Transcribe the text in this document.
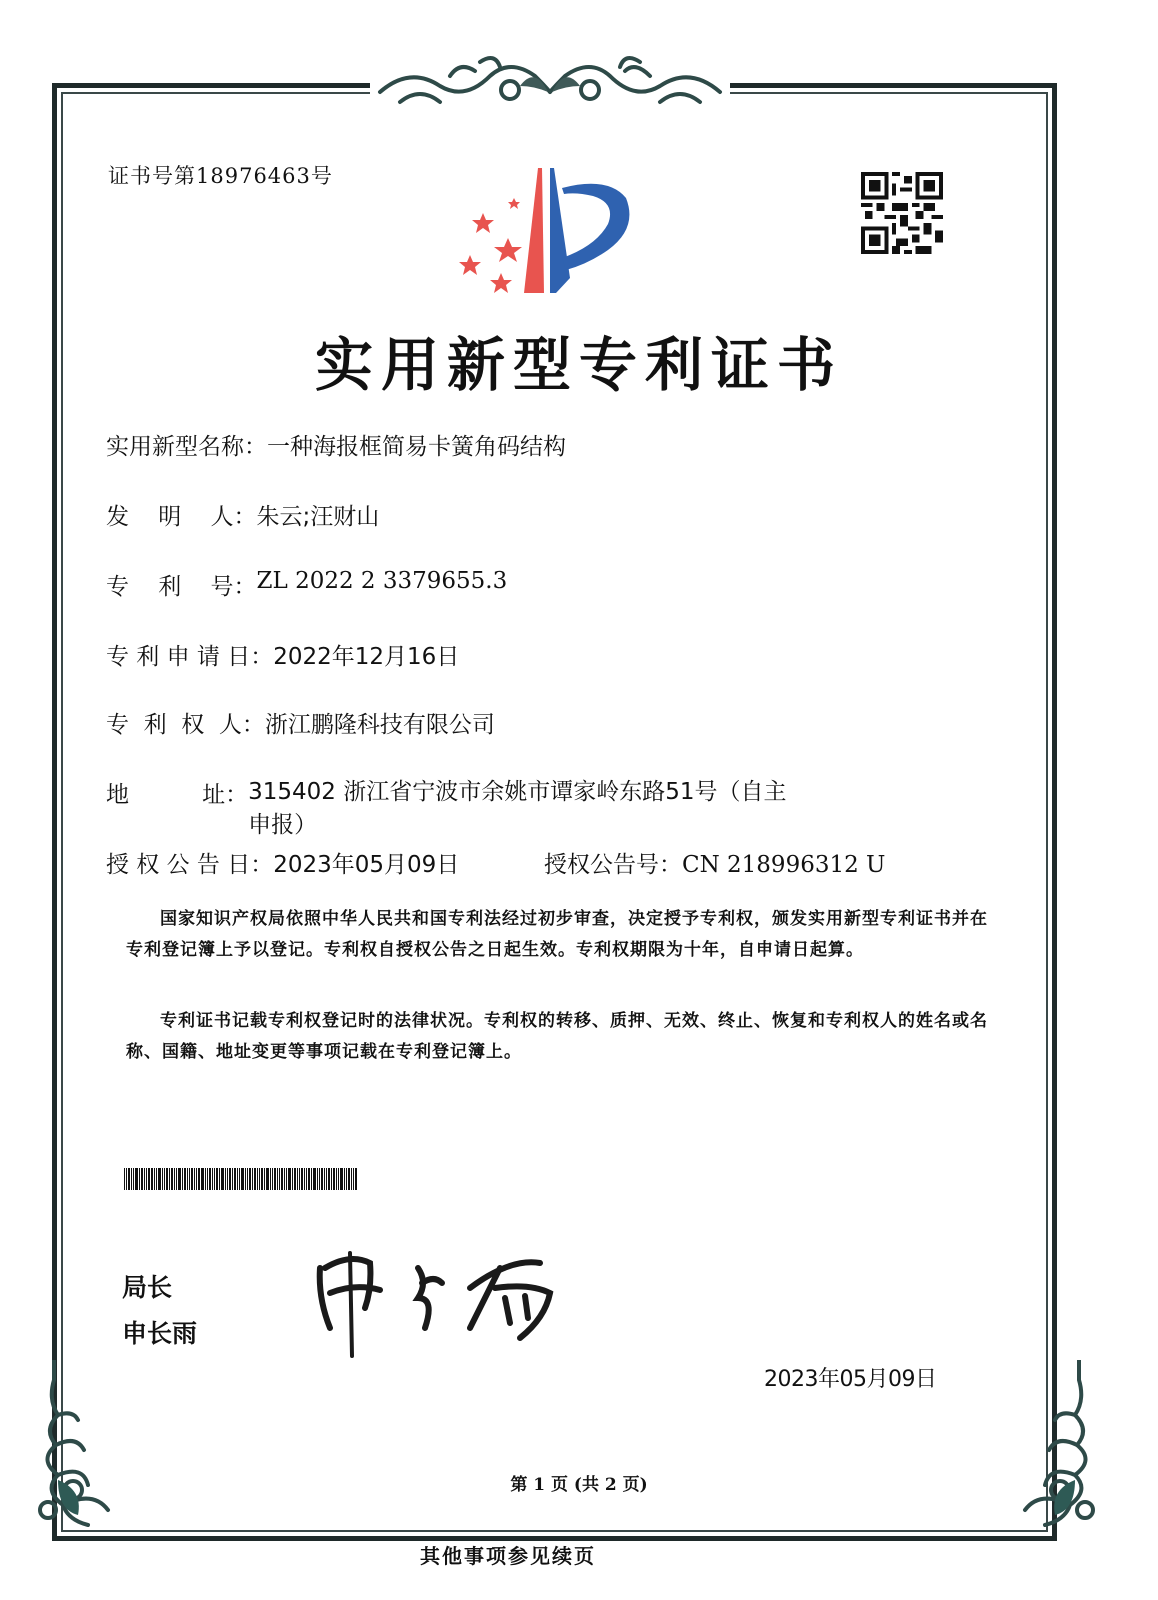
证书号第18976463号
实用新型专利证书
实用新型名称： 一种海报框简易卡簧角码结构
发    明    人： 朱云;汪财山
专    利    号： ZL 2022 2 3379655.3
专 利 申 请 日： 2022年12月16日
专  利  权  人： 浙江鹏隆科技有限公司
地          址： 315402 浙江省宁波市余姚市谭家岭东路51号（自主申报）
授 权 公 告 日： 2023年05月09日	授权公告号：CN 218996312 U
国家知识产权局依照中华人民共和国专利法经过初步审查，决定授予专利权，颁发实用新型专利证书并在专利登记簿上予以登记。专利权自授权公告之日起生效。专利权期限为十年，自申请日起算。
专利证书记载专利权登记时的法律状况。专利权的转移、质押、无效、终止、恢复和专利权人的姓名或名称、国籍、地址变更等事项记载在专利登记簿上。
局长
申长雨
2023年05月09日
第 1 页 (共 2 页)
其他事项参见续页
